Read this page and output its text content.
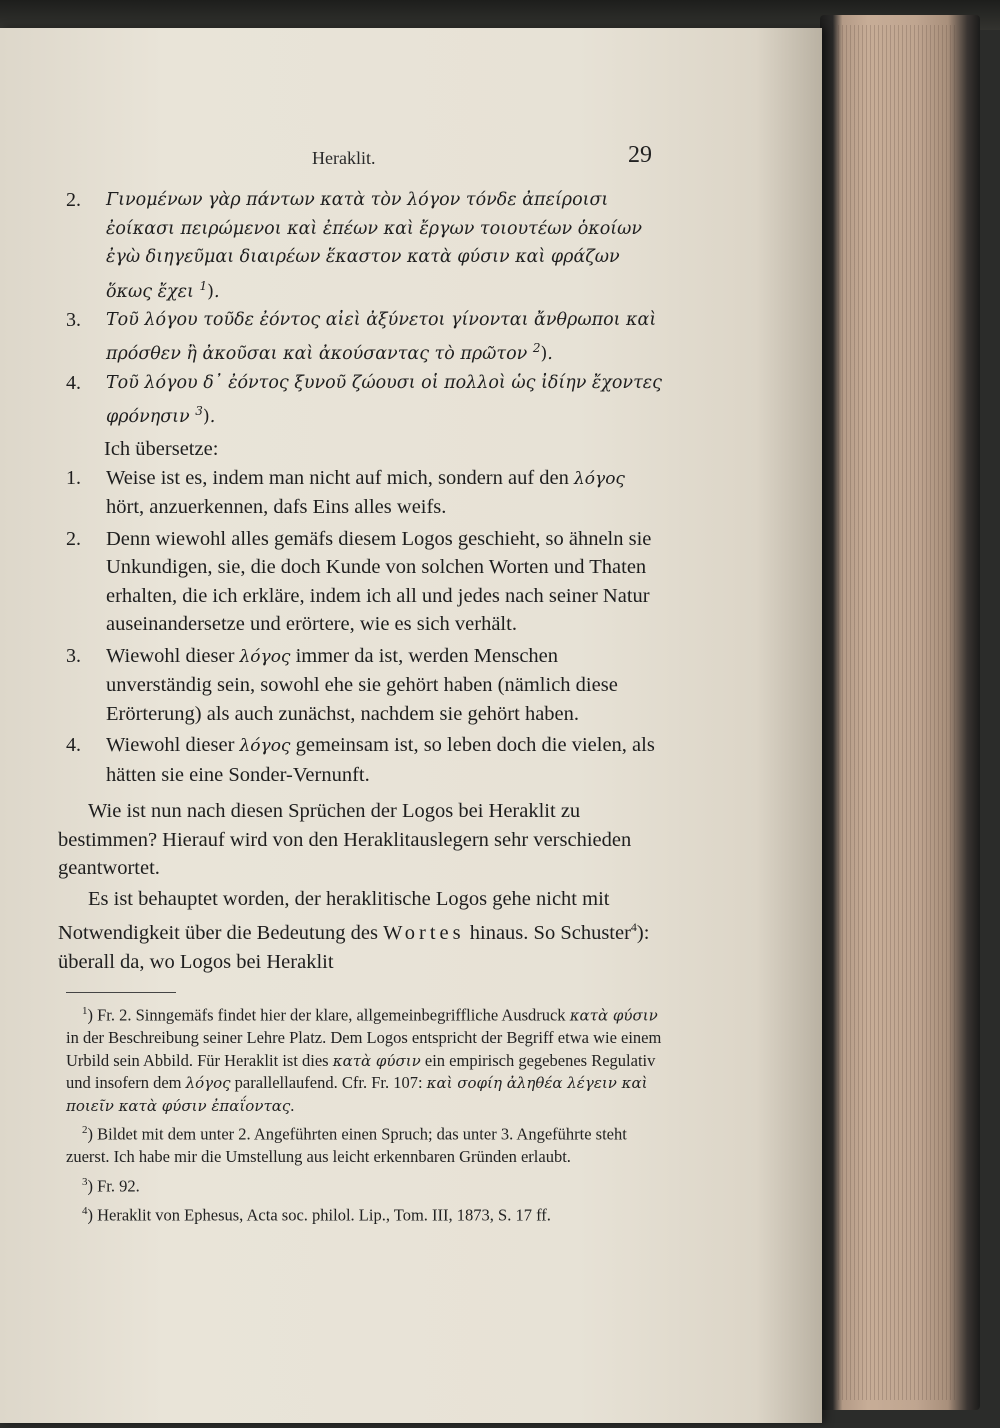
Heraklit.	29

2. Γινομένων γὰρ πάντων κατὰ τὸν λόγον τόνδε ἀπείροισι ἐοίκασι πειρώμενοι καὶ ἐπέων καὶ ἔργων τοιουτέων ὁκοίων ἐγὼ διηγεῦμαι διαιρέων ἕκαστον κατὰ φύσιν καὶ φράζων ὅκως ἔχει $^1$).

3. Τοῦ λόγου τοῦδε ἐόντος αἰεὶ ἀξύνετοι γίνονται ἄνθρωποι καὶ πρόσθεν ἢ ἀκοῦσαι καὶ ἀκούσαντας τὸ πρῶτον $^2$).

4. Τοῦ λόγου δ᾽ ἐόντος ξυνοῦ ζώουσι οἱ πολλοὶ ὡς ἰδίην ἔχοντες φρόνησιν $^3$).

Ich übersetze:
1. Weise ist es, indem man nicht auf mich, sondern auf den λόγος hört, anzuerkennen, dafs Eins alles weifs.
2. Denn wiewohl alles gemäfs diesem Logos geschieht, so ähneln sie Unkundigen, sie, die doch Kunde von solchen Worten und Thaten erhalten, die ich erkläre, indem ich all und jedes nach seiner Natur auseinandersetze und erörtere, wie es sich verhält.
3. Wiewohl dieser λόγος immer da ist, werden Menschen unverständig sein, sowohl ehe sie gehört haben (nämlich diese Erörterung) als auch zunächst, nachdem sie gehört haben.
4. Wiewohl dieser λόγος gemeinsam ist, so leben doch die vielen, als hätten sie eine Sonder-Vernunft.

Wie ist nun nach diesen Sprüchen der Logos bei Heraklit zu bestimmen? Hierauf wird von den Heraklitauslegern sehr verschieden geantwortet.

Es ist behauptet worden, der heraklitische Logos gehe nicht mit Notwendigkeit über die Bedeutung des Wortes hinaus. So Schuster$^4$): überall da, wo Logos bei Heraklit

$^1$) Fr. 2. Sinngemäfs findet hier der klare, allgemeinbegriffliche Ausdruck κατὰ φύσιν in der Beschreibung seiner Lehre Platz. Dem Logos entspricht der Begriff etwa wie einem Urbild sein Abbild. Für Heraklit ist dies κατὰ φύσιν ein empirisch gegebenes Regulativ und insofern dem λόγος parallellaufend. Cfr. Fr. 107: καὶ σοφίη ἀληθέα λέγειν καὶ ποιεῖν κατὰ φύσιν ἐπαΐοντας.

$^2$) Bildet mit dem unter 2. Angeführten einen Spruch; das unter 3. Angeführte steht zuerst. Ich habe mir die Umstellung aus leicht erkennbaren Gründen erlaubt.

$^3$) Fr. 92.

$^4$) Heraklit von Ephesus, Acta soc. philol. Lip., Tom. III, 1873, S. 17 ff.
